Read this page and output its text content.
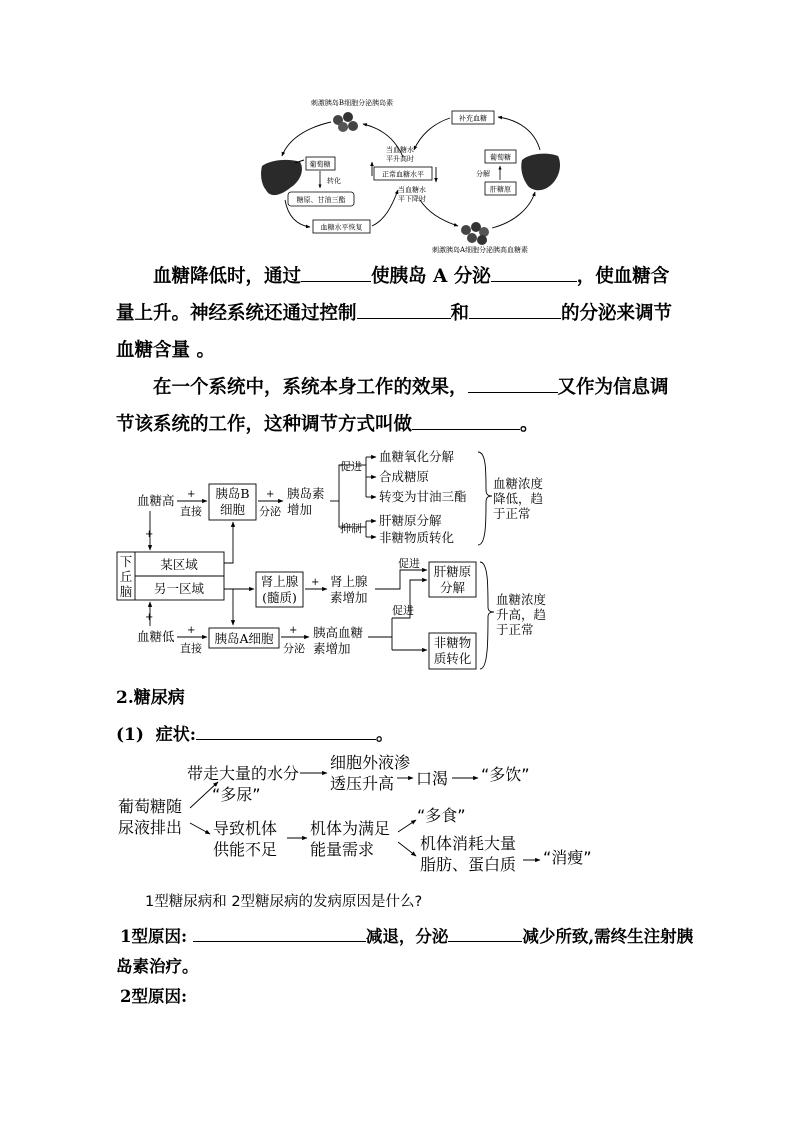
刺激胰岛B细胞分泌胰岛素
葡萄糖
转化
糖原、甘油三酯
血糖水平恢复
当血糖水
平升高时
正常血糖水平
当血糖水
平下降时
刺激胰岛A细胞分泌胰高血糖素
补充血糖
葡萄糖
分解
肝糖原
血糖高 +
直接
胰岛B
细胞
+
分泌
胰岛素
增加
促进
抑制
血糖氧化分解
合成糖原
转变为甘油三酯
肝糖原分解
非糖物质转化
血糖浓度
降低，趋
于正常
+
下
丘
脑
某区域
另一区域	肾上腺
(髓质)
+ 肾上腺
素增加
促进
血糖低
+
+
直接
胰岛A细胞
+
分泌
胰高血糖
素增加
促进
肝糖原
分解
非糖物
质转化
血糖浓度
升高，趋
于正常
葡萄糖随
尿液排出
带走大量的水分
“多尿”
细胞外液渗
透压升高 口渴 “多饮”
导致机体
供能不足
机体为满足
能量需求
“多食”
机体消耗大量
脂肪、蛋白质 “消瘦”

血糖降低时，通过	使胰岛 A 分泌	，使血糖含量上升。神经系统还通过控制	和	的分泌来调节血糖含量 。

在一个系统中，系统本身工作的效果，	又作为信息调节该系统的工作，这种调节方式叫做	。

2.糖尿病
(1) 症状:	。
1型糖尿病和 2型糖尿病的发病原因是什么?
1型原因:	减退，分泌	减少所致,需终生注射胰
岛素治疗。
2型原因:
